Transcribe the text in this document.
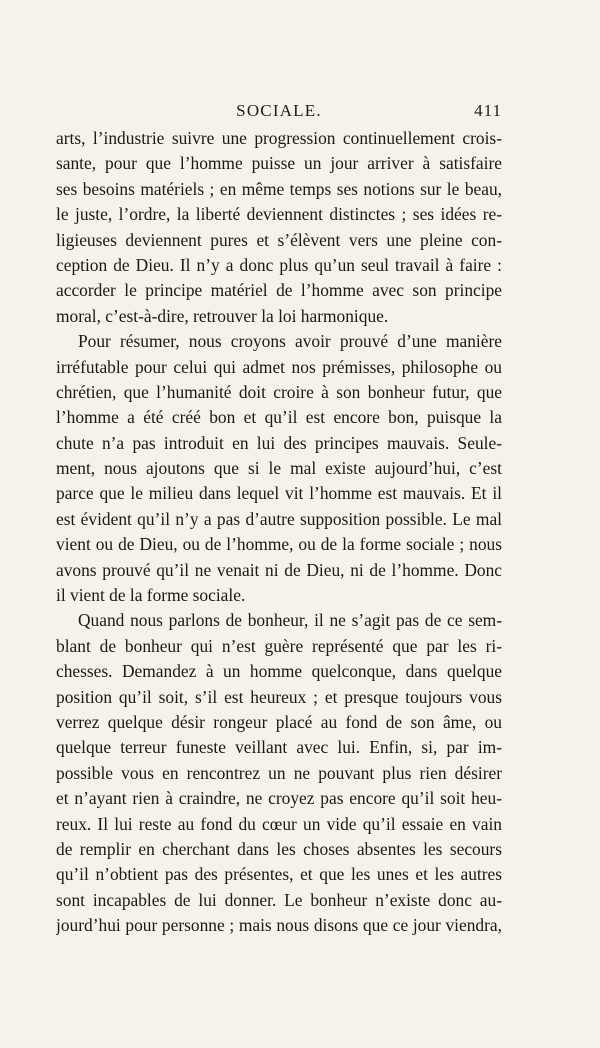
SOCIALE.	411
arts, l’industrie suivre une progression continuellement crois-
sante, pour que l’homme puisse un jour arriver à satisfaire
ses besoins matériels ; en même temps ses notions sur le beau,
le juste, l’ordre, la liberté deviennent distinctes ; ses idées re-
ligieuses deviennent pures et s’élèvent vers une pleine con-
ception de Dieu. Il n’y a donc plus qu’un seul travail à faire :
accorder le principe matériel de l’homme avec son principe
moral, c’est-à-dire, retrouver la loi harmonique.
Pour résumer, nous croyons avoir prouvé d’une manière
irréfutable pour celui qui admet nos prémisses, philosophe ou
chrétien, que l’humanité doit croire à son bonheur futur, que
l’homme a été créé bon et qu’il est encore bon, puisque la
chute n’a pas introduit en lui des principes mauvais. Seule-
ment, nous ajoutons que si le mal existe aujourd’hui, c’est
parce que le milieu dans lequel vit l’homme est mauvais. Et il
est évident qu’il n’y a pas d’autre supposition possible. Le mal
vient ou de Dieu, ou de l’homme, ou de la forme sociale ; nous
avons prouvé qu’il ne venait ni de Dieu, ni de l’homme. Donc
il vient de la forme sociale.
Quand nous parlons de bonheur, il ne s’agit pas de ce sem-
blant de bonheur qui n’est guère représenté que par les ri-
chesses. Demandez à un homme quelconque, dans quelque
position qu’il soit, s’il est heureux ; et presque toujours vous
verrez quelque désir rongeur placé au fond de son âme, ou
quelque terreur funeste veillant avec lui. Enfin, si, par im-
possible vous en rencontrez un ne pouvant plus rien désirer
et n’ayant rien à craindre, ne croyez pas encore qu’il soit heu-
reux. Il lui reste au fond du cœur un vide qu’il essaie en vain
de remplir en cherchant dans les choses absentes les secours
qu’il n’obtient pas des présentes, et que les unes et les autres
sont incapables de lui donner. Le bonheur n’existe donc au-
jourd’hui pour personne ; mais nous disons que ce jour viendra,
